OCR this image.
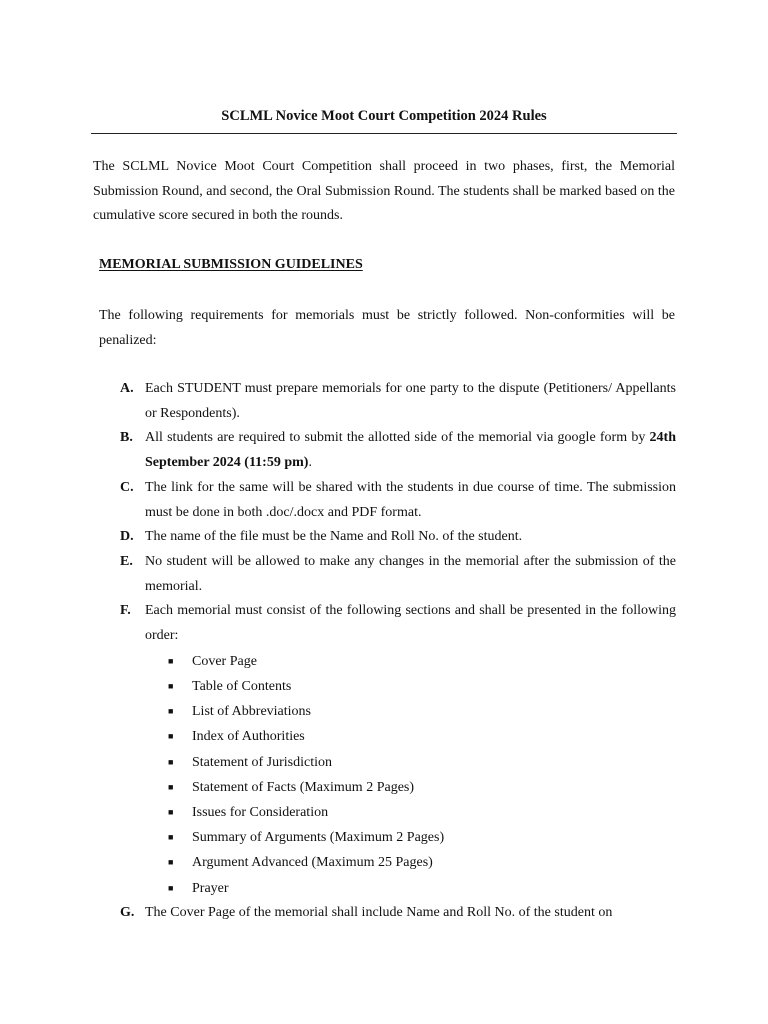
SCLML Novice Moot Court Competition 2024 Rules

The SCLML Novice Moot Court Competition shall proceed in two phases, first, the Memorial Submission Round, and second, the Oral Submission Round. The students shall be marked based on the cumulative score secured in both the rounds.

MEMORIAL SUBMISSION GUIDELINES

The following requirements for memorials must be strictly followed. Non-conformities will be penalized:

A. Each STUDENT must prepare memorials for one party to the dispute (Petitioners/ Appellants or Respondents).
B. All students are required to submit the allotted side of the memorial via google form by 24th September 2024 (11:59 pm).
C. The link for the same will be shared with the students in due course of time. The submission must be done in both .doc/.docx and PDF format.
D. The name of the file must be the Name and Roll No. of the student.
E. No student will be allowed to make any changes in the memorial after the submission of the memorial.
F. Each memorial must consist of the following sections and shall be presented in the following order:
■ Cover Page
■ Table of Contents
■ List of Abbreviations
■ Index of Authorities
■ Statement of Jurisdiction
■ Statement of Facts (Maximum 2 Pages)
■ Issues for Consideration
■ Summary of Arguments (Maximum 2 Pages)
■ Argument Advanced (Maximum 25 Pages)
■ Prayer
G. The Cover Page of the memorial shall include Name and Roll No. of the student on
